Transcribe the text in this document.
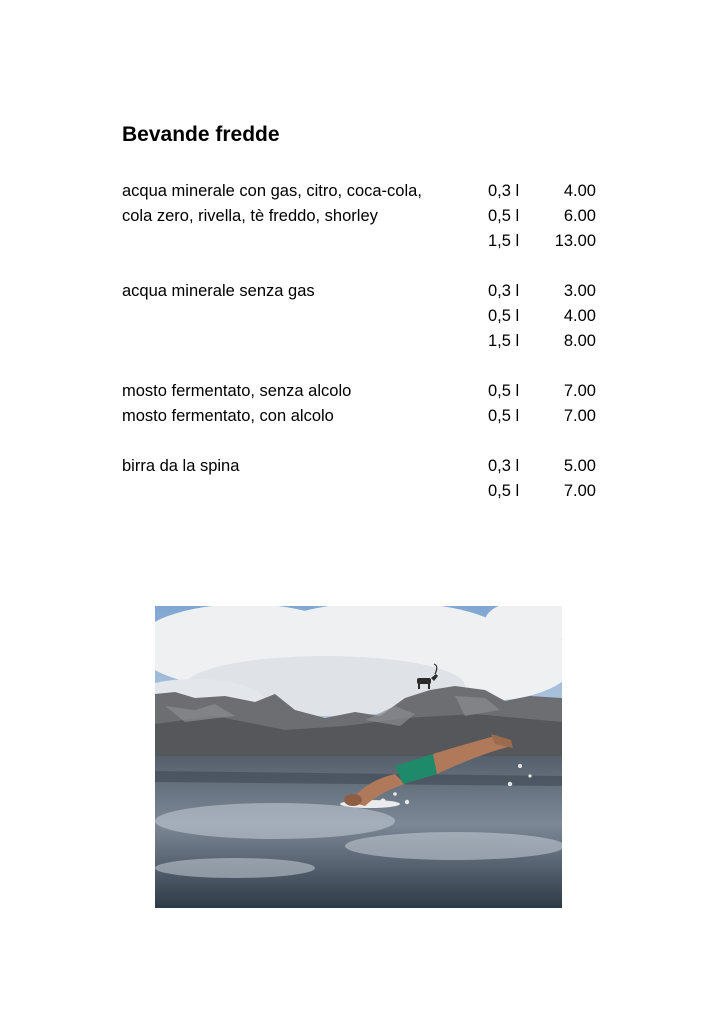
Bevande fredde
acqua minerale con gas, citro, coca-cola,	0,3 l	4.00
cola zero, rivella, tè freddo, shorley	0,5 l	6.00
1,5 l 13.00
acqua minerale senza gas	0,3 l	3.00
0,5 l	4.00
1,5 l	8.00
mosto fermentato, senza alcolo	0,5 l	7.00
mosto fermentato, con alcolo	0,5 l	7.00
birra da la spina	0,3 l	5.00
0,5 l	7.00
